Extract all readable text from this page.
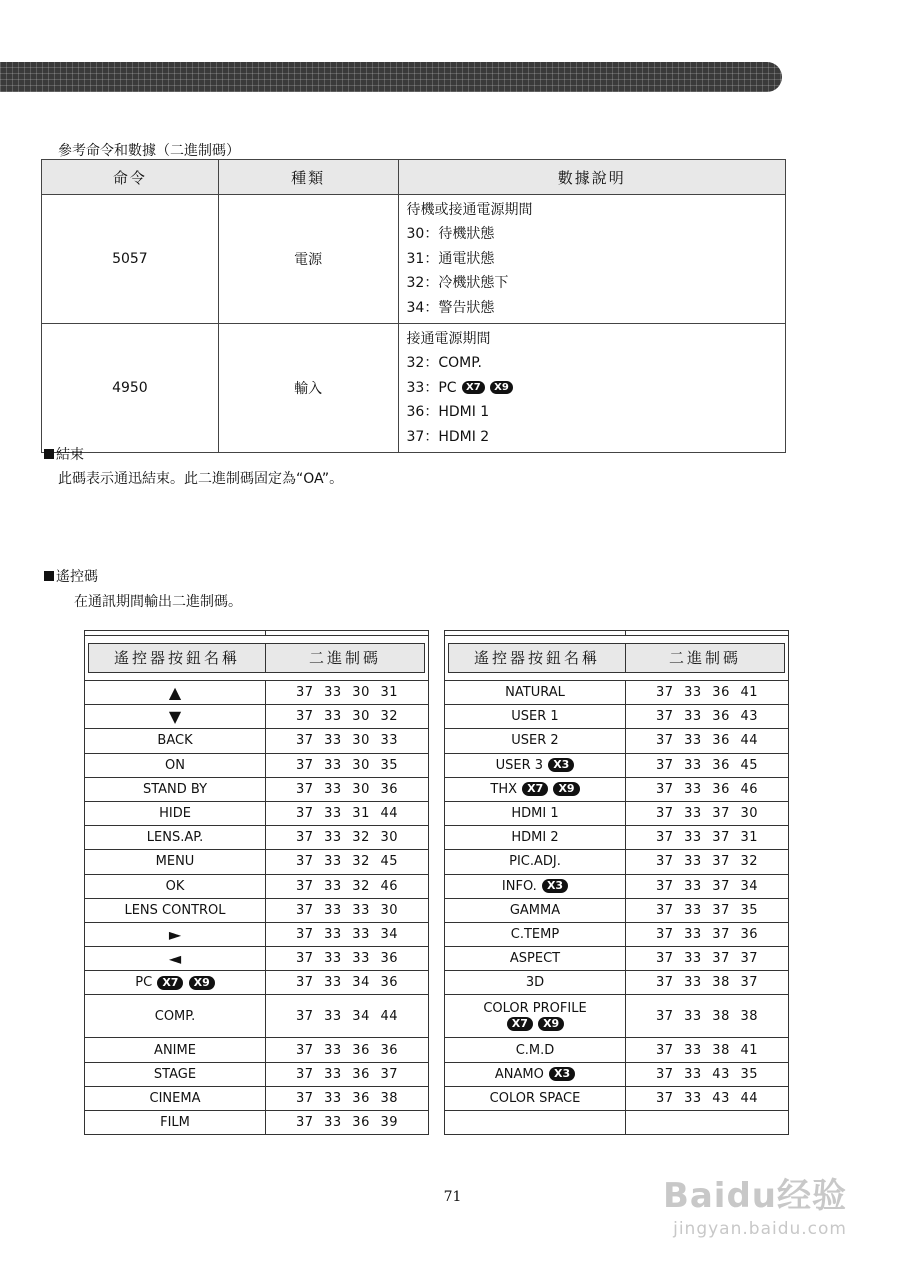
參考命令和數據（二進制碼）
命令	種類	數據說明
5057	電源	待機或接通電源期間
30：待機狀態
31：通電狀態
32：冷機狀態下
34：警告狀態

4950	輸入	接通電源期間
32：COMP.
33：PC X7 X9
36：HDMI 1
37：HDMI 2
結束
此碼表示通迅結束。此二進制碼固定為“OA”。
遙控碼
在通訊期間輸出二進制碼。

遙控器按鈕名稱 二進制碼	

▲	37 33 30 31
▼	37 33 30 32
BACK	37 33 30 33
ON	37 33 30 35
STAND BY	37 33 30 36
HIDE	37 33 31 44
LENS.AP.	37 33 32 30
MENU	37 33 32 45
OK	37 33 32 46
LENS CONTROL	37 33 33 30
►	37 33 33 34
◄	37 33 33 36
PC X7 X9	37 33 34 36
COMP.	37 33 34 44
ANIME	37 33 36 36
STAGE	37 33 36 37
CINEMA	37 33 36 38
FILM	37 33 36 39

遙控器按鈕名稱 二進制碼	

NATURAL	37 33 36 41
USER 1	37 33 36 43
USER 2	37 33 36 44
USER 3 X3	37 33 36 45
THX X7 X9	37 33 36 46
HDMI 1	37 33 37 30
HDMI 2	37 33 37 31
PIC.ADJ.	37 33 37 32
INFO. X3	37 33 37 34
GAMMA	37 33 37 35
C.TEMP	37 33 37 36
ASPECT	37 33 37 37
3D	37 33 38 37
COLOR PROFILE
X7 X9	37 33 38 38
C.M.D	37 33 38 41
ANAMO X3	37 33 43 35
COLOR SPACE	37 33 43 44

71	Baidu经验
jingyan.baidu.com
